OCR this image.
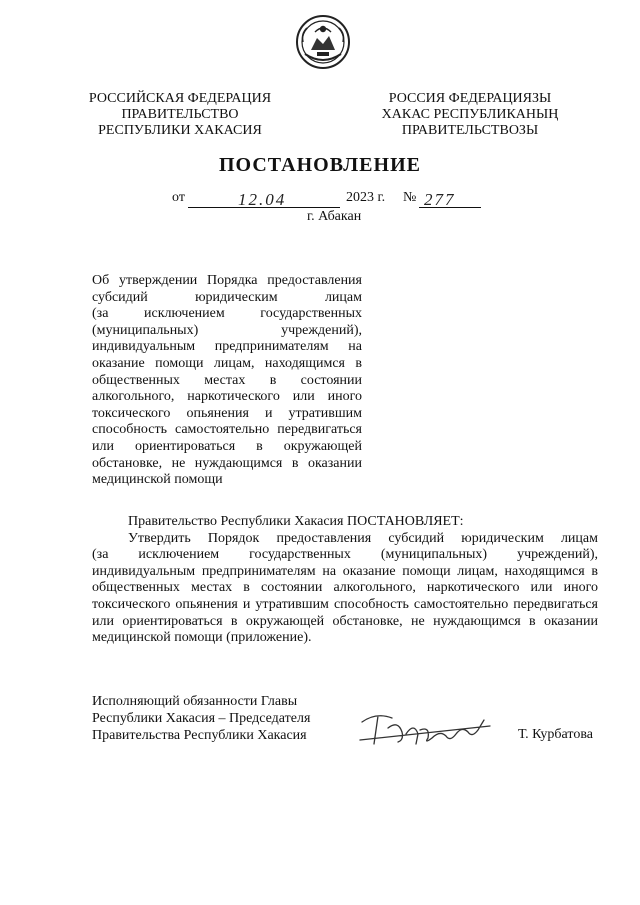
РОССИЙСКАЯ ФЕДЕРАЦИЯ
ПРАВИТЕЛЬСТВО
РЕСПУБЛИКИ ХАКАСИЯ
РОССИЯ ФЕДЕРАЦИЯЗЫ
ХАКАС РЕСПУБЛИКАНЫҢ
ПРАВИТЕЛЬСТВОЗЫ
ПОСТАНОВЛЕНИЕ
от	12.04	2023 г. № 277
г. Абакан
Об утверждении Порядка предоставления
субсидий юридическим лицам
(за исключением государственных
(муниципальных) учреждений),
индивидуальным предпринимателям на
оказание помощи лицам, находящимся в
общественных местах в состоянии
алкогольного, наркотического или иного
токсического опьянения и утратившим
способность самостоятельно передвигаться
или ориентироваться в окружающей
обстановке, не нуждающимся в оказании
медицинской помощи
Правительство Республики Хакасия ПОСТАНОВЛЯЕТ:
Утвердить Порядок предоставления субсидий юридическим лицам
(за исключением государственных (муниципальных) учреждений),
индивидуальным предпринимателям на оказание помощи лицам, находящимся в
общественных местах в состоянии алкогольного, наркотического или иного
токсического опьянения и утратившим способность самостоятельно передвигаться
или ориентироваться в окружающей обстановке, не нуждающимся в оказании
медицинской помощи (приложение).
Исполняющий обязанности Главы
Республики Хакасия – Председателя
Правительства Республики Хакасия	Т. Курбатова
